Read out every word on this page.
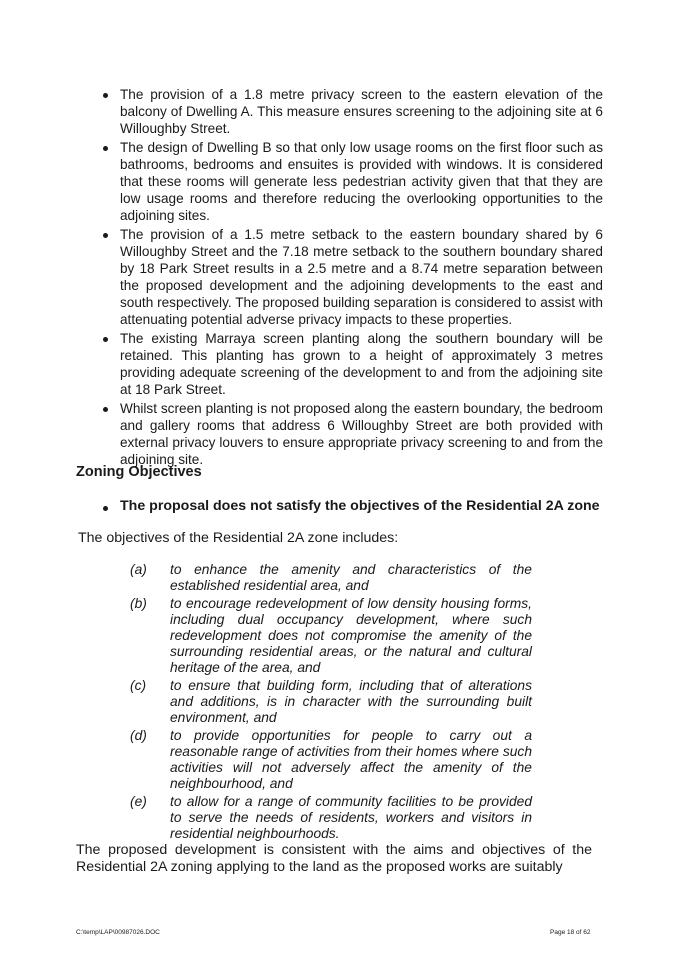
The provision of a 1.8 metre privacy screen to the eastern elevation of the balcony of Dwelling A. This measure ensures screening to the adjoining site at 6 Willoughby Street.
The design of Dwelling B so that only low usage rooms on the first floor such as bathrooms, bedrooms and ensuites is provided with windows. It is considered that these rooms will generate less pedestrian activity given that that they are low usage rooms and therefore reducing the overlooking opportunities to the adjoining sites.
The provision of a 1.5 metre setback to the eastern boundary shared by 6 Willoughby Street and the 7.18 metre setback to the southern boundary shared by 18 Park Street results in a 2.5 metre and a 8.74 metre separation between the proposed development and the adjoining developments to the east and south respectively. The proposed building separation is considered to assist with attenuating potential adverse privacy impacts to these properties.
The existing Marraya screen planting along the southern boundary will be retained. This planting has grown to a height of approximately 3 metres providing adequate screening of the development to and from the adjoining site at 18 Park Street.
Whilst screen planting is not proposed along the eastern boundary, the bedroom and gallery rooms that address 6 Willoughby Street are both provided with external privacy louvers to ensure appropriate privacy screening to and from the adjoining site.
Zoning Objectives
The proposal does not satisfy the objectives of the Residential 2A zone

The objectives of the Residential 2A zone includes:

(a) to enhance the amenity and characteristics of the established residential area, and
(b) to encourage redevelopment of low density housing forms, including dual occupancy development, where such redevelopment does not compromise the amenity of the surrounding residential areas, or the natural and cultural heritage of the area, and
(c) to ensure that building form, including that of alterations and additions, is in character with the surrounding built environment, and
(d) to provide opportunities for people to carry out a reasonable range of activities from their homes where such activities will not adversely affect the amenity of the neighbourhood, and
(e) to allow for a range of community facilities to be provided to serve the needs of residents, workers and visitors in residential neighbourhoods.

The proposed development is consistent with the aims and objectives of the Residential 2A zoning applying to the land as the proposed works are suitably

C:\temp\LAP\00987026.DOC	Page 18 of 62
